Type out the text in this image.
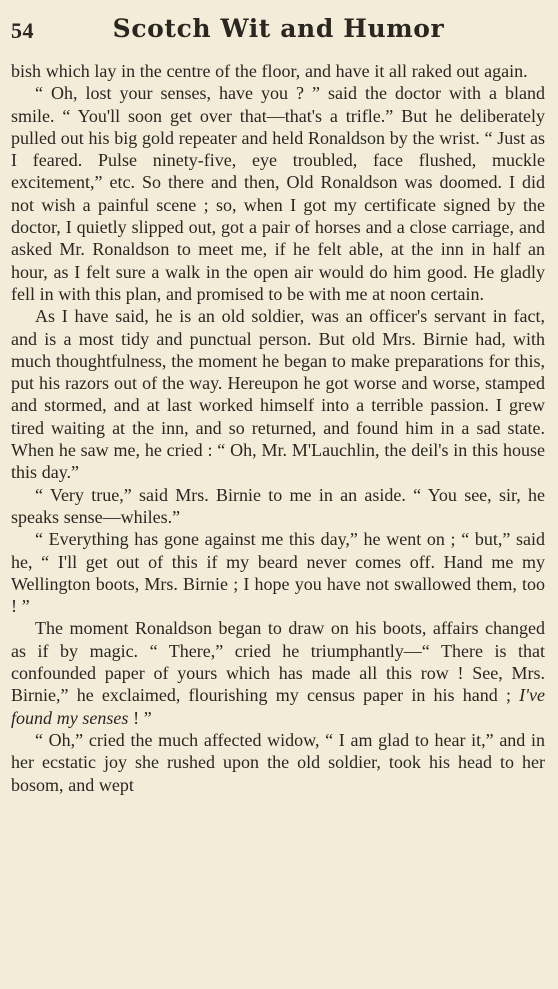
54	Scotch Wit and Humor

bish which lay in the centre of the floor, and have it all raked out again.

“ Oh, lost your senses, have you ? ” said the doctor with a bland smile. “ You'll soon get over that—that's a trifle.” But he deliberately pulled out his big gold repeater and held Ronaldson by the wrist. “ Just as I feared. Pulse ninety-five, eye troubled, face flushed, muckle excitement,” etc. So there and then, Old Ronaldson was doomed. I did not wish a painful scene ; so, when I got my certificate signed by the doctor, I quietly slipped out, got a pair of horses and a close carriage, and asked Mr. Ronaldson to meet me, if he felt able, at the inn in half an hour, as I felt sure a walk in the open air would do him good. He gladly fell in with this plan, and promised to be with me at noon certain.

As I have said, he is an old soldier, was an officer's servant in fact, and is a most tidy and punctual person. But old Mrs. Birnie had, with much thoughtfulness, the moment he began to make preparations for this, put his razors out of the way. Hereupon he got worse and worse, stamped and stormed, and at last worked himself into a terrible passion. I grew tired waiting at the inn, and so returned, and found him in a sad state. When he saw me, he cried : “ Oh, Mr. M'Lauchlin, the deil's in this house this day.”

“ Very true,” said Mrs. Birnie to me in an aside. “ You see, sir, he speaks sense—whiles.”

“ Everything has gone against me this day,” he went on ; “ but,” said he, “ I'll get out of this if my beard never comes off. Hand me my Wellington boots, Mrs. Birnie ; I hope you have not swallowed them, too ! ”

The moment Ronaldson began to draw on his boots, affairs changed as if by magic. “ There,” cried he triumphantly—“ There is that confounded paper of yours which has made all this row ! See, Mrs. Birnie,” he exclaimed, flourishing my census paper in his hand ; I've found my senses ! ”

“ Oh,” cried the much affected widow, “ I am glad to hear it,” and in her ecstatic joy she rushed upon the old soldier, took his head to her bosom, and wept
